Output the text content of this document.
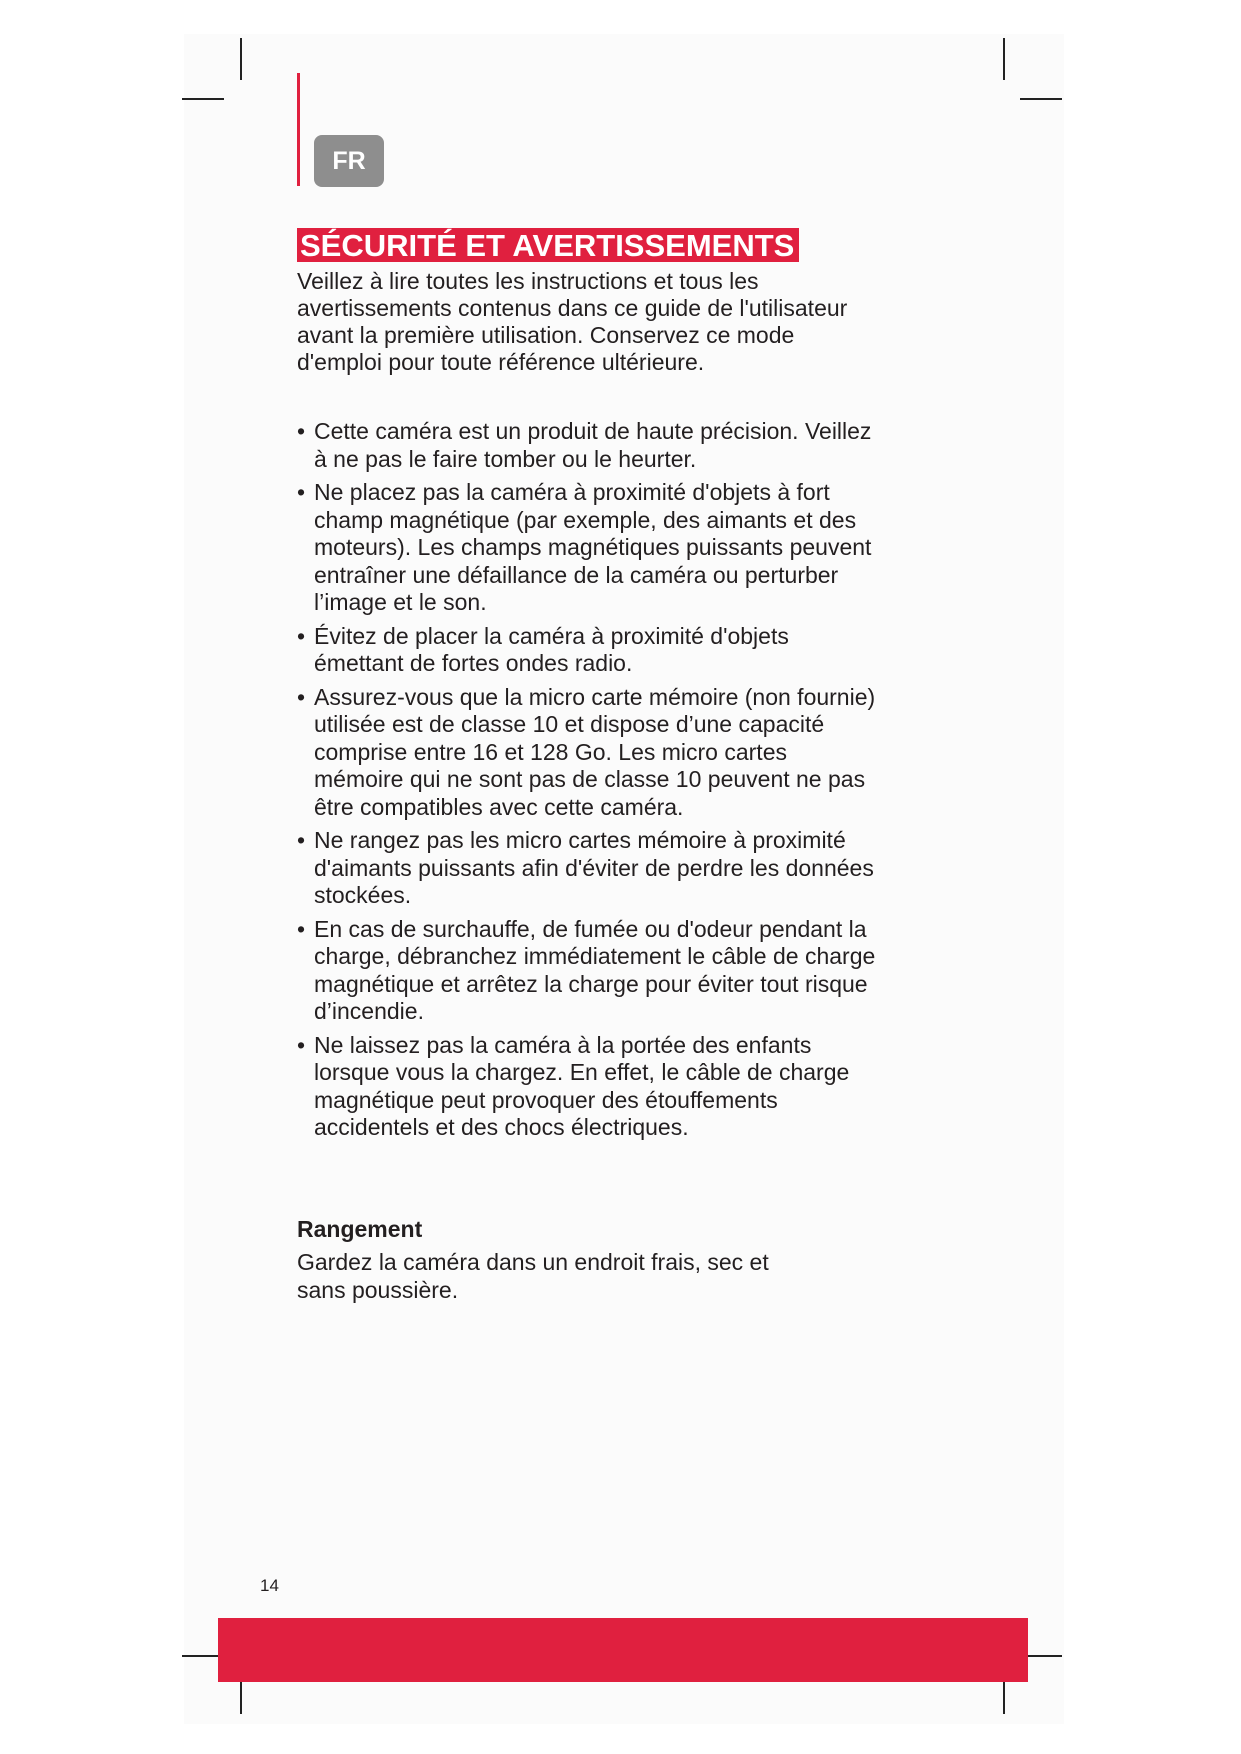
FR
SÉCURITÉ ET AVERTISSEMENTS
Veillez à lire toutes les instructions et tous les avertissements contenus dans ce guide de l'utilisateur avant la première utilisation. Conservez ce mode d'emploi pour toute référence ultérieure.
• Cette caméra est un produit de haute précision. Veillez à ne pas le faire tomber ou le heurter.
• Ne placez pas la caméra à proximité d'objets à fort champ magnétique (par exemple, des aimants et des moteurs). Les champs magnétiques puissants peuvent entraîner une défaillance de la caméra ou perturber l’image et le son.
• Évitez de placer la caméra à proximité d'objets émettant de fortes ondes radio.
• Assurez-vous que la micro carte mémoire (non fournie) utilisée est de classe 10 et dispose d’une capacité comprise entre 16 et 128 Go. Les micro cartes mémoire qui ne sont pas de classe 10 peuvent ne pas être compatibles avec cette caméra.
• Ne rangez pas les micro cartes mémoire à proximité d'aimants puissants afin d'éviter de perdre les données stockées.
• En cas de surchauffe, de fumée ou d'odeur pendant la charge, débranchez immédiatement le câble de charge magnétique et arrêtez la charge pour éviter tout risque d’incendie.
• Ne laissez pas la caméra à la portée des enfants lorsque vous la chargez. En effet, le câble de charge magnétique peut provoquer des étouffements accidentels et des chocs électriques.
Rangement
Gardez la caméra dans un endroit frais, sec et sans poussière.
14
